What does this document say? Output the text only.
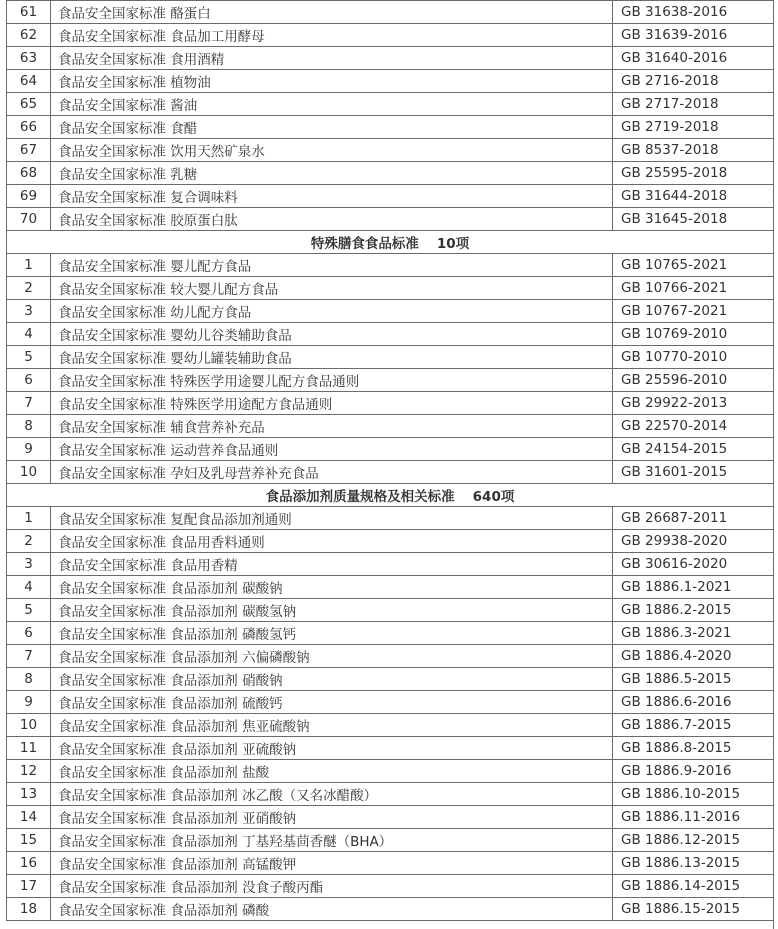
61	食品安全国家标准 酪蛋白	GB 31638-2016
62	食品安全国家标准 食品加工用酵母	GB 31639-2016
63	食品安全国家标准 食用酒精	GB 31640-2016
64	食品安全国家标准 植物油	GB 2716-2018
65	食品安全国家标准 酱油	GB 2717-2018
66	食品安全国家标准 食醋	GB 2719-2018
67	食品安全国家标准 饮用天然矿泉水	GB 8537-2018
68	食品安全国家标准 乳糖	GB 25595-2018
69	食品安全国家标准 复合调味料	GB 31644-2018
70	食品安全国家标准 胶原蛋白肽	GB 31645-2018
特殊膳食食品标准 10项		
1	食品安全国家标准 婴儿配方食品	GB 10765-2021
2	食品安全国家标准 较大婴儿配方食品	GB 10766-2021
3	食品安全国家标准 幼儿配方食品	GB 10767-2021
4	食品安全国家标准 婴幼儿谷类辅助食品	GB 10769-2010
5	食品安全国家标准 婴幼儿罐装辅助食品	GB 10770-2010
6	食品安全国家标准 特殊医学用途婴儿配方食品通则	GB 25596-2010
7	食品安全国家标准 特殊医学用途配方食品通则	GB 29922-2013
8	食品安全国家标准 辅食营养补充品	GB 22570-2014
9	食品安全国家标准 运动营养食品通则	GB 24154-2015
10	食品安全国家标准 孕妇及乳母营养补充食品	GB 31601-2015
食品添加剂质量规格及相关标准 640项		
1	食品安全国家标准 复配食品添加剂通则	GB 26687-2011
2	食品安全国家标准 食品用香料通则	GB 29938-2020
3	食品安全国家标准 食品用香精	GB 30616-2020
4	食品安全国家标准 食品添加剂 碳酸钠	GB 1886.1-2021
5	食品安全国家标准 食品添加剂 碳酸氢钠	GB 1886.2-2015
6	食品安全国家标准 食品添加剂 磷酸氢钙	GB 1886.3-2021
7	食品安全国家标准 食品添加剂 六偏磷酸钠	GB 1886.4-2020
8	食品安全国家标准 食品添加剂 硝酸钠	GB 1886.5-2015
9	食品安全国家标准 食品添加剂 硫酸钙	GB 1886.6-2016
10	食品安全国家标准 食品添加剂 焦亚硫酸钠	GB 1886.7-2015
11	食品安全国家标准 食品添加剂 亚硫酸钠	GB 1886.8-2015
12	食品安全国家标准 食品添加剂 盐酸	GB 1886.9-2016
13	食品安全国家标准 食品添加剂 冰乙酸（又名冰醋酸）	GB 1886.10-2015
14	食品安全国家标准 食品添加剂 亚硝酸钠	GB 1886.11-2016
15	食品安全国家标准 食品添加剂 丁基羟基茴香醚（BHA）	GB 1886.12-2015
16	食品安全国家标准 食品添加剂 高锰酸钾	GB 1886.13-2015
17	食品安全国家标准 食品添加剂 没食子酸丙酯	GB 1886.14-2015
18	食品安全国家标准 食品添加剂 磷酸	GB 1886.15-2015
